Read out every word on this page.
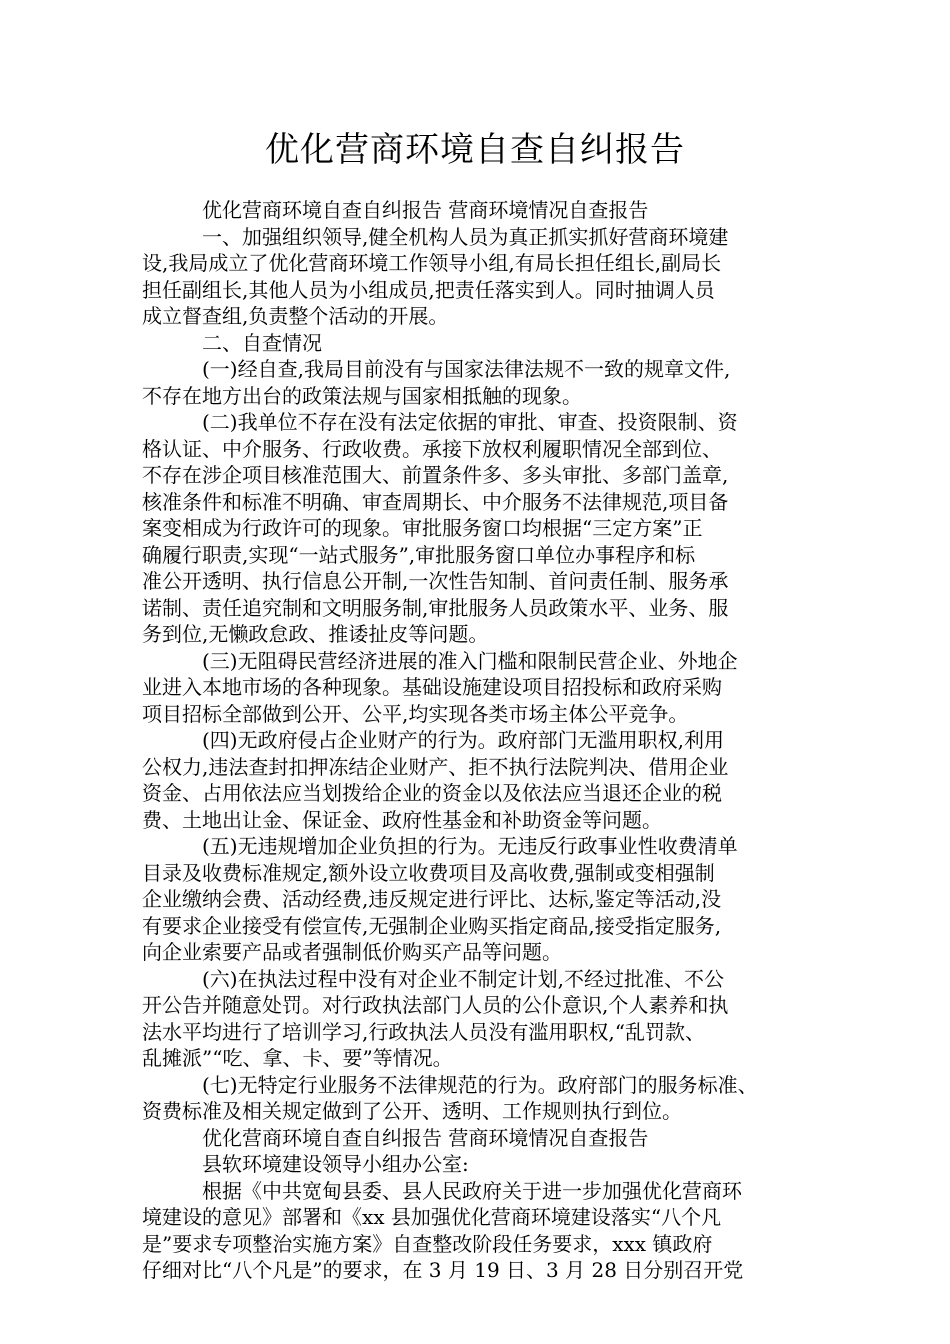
优化营商环境自查自纠报告
优化营商环境自查自纠报告 营商环境情况自查报告
一、加强组织领导,健全机构人员为真正抓实抓好营商环境建
设,我局成立了优化营商环境工作领导小组,有局长担任组长,副局长
担任副组长,其他人员为小组成员,把责任落实到人。同时抽调人员
成立督查组,负责整个活动的开展。
二、自查情况
(一)经自查,我局目前没有与国家法律法规不一致的规章文件,
不存在地方出台的政策法规与国家相抵触的现象。
(二)我单位不存在没有法定依据的审批、审查、投资限制、资
格认证、中介服务、行政收费。承接下放权利履职情况全部到位、
不存在涉企项目核准范围大、前置条件多、多头审批、多部门盖章,
核准条件和标准不明确、审查周期长、中介服务不法律规范,项目备
案变相成为行政许可的现象。审批服务窗口均根据“三定方案”正
确履行职责,实现“一站式服务”,审批服务窗口单位办事程序和标
准公开透明、执行信息公开制,一次性告知制、首问责任制、服务承
诺制、责任追究制和文明服务制,审批服务人员政策水平、业务、服
务到位,无懒政怠政、推诿扯皮等问题。
(三)无阻碍民营经济进展的准入门槛和限制民营企业、外地企
业进入本地市场的各种现象。基础设施建设项目招投标和政府采购
项目招标全部做到公开、公平,均实现各类市场主体公平竞争。
(四)无政府侵占企业财产的行为。政府部门无滥用职权,利用
公权力,违法查封扣押冻结企业财产、拒不执行法院判决、借用企业
资金、占用依法应当划拨给企业的资金以及依法应当退还企业的税
费、土地出让金、保证金、政府性基金和补助资金等问题。
(五)无违规增加企业负担的行为。无违反行政事业性收费清单
目录及收费标准规定,额外设立收费项目及高收费,强制或变相强制
企业缴纳会费、活动经费,违反规定进行评比、达标,鉴定等活动,没
有要求企业接受有偿宣传,无强制企业购买指定商品,接受指定服务,
向企业索要产品或者强制低价购买产品等问题。
(六)在执法过程中没有对企业不制定计划,不经过批准、不公
开公告并随意处罚。对行政执法部门人员的公仆意识,个人素养和执
法水平均进行了培训学习,行政执法人员没有滥用职权,“乱罚款、
乱摊派”“吃、拿、卡、要”等情况。
(七)无特定行业服务不法律规范的行为。政府部门的服务标准、
资费标准及相关规定做到了公开、透明、工作规则执行到位。
优化营商环境自查自纠报告 营商环境情况自查报告
县软环境建设领导小组办公室:
根据《中共宽甸县委、县人民政府关于进一步加强优化营商环
境建设的意见》部署和《xx 县加强优化营商环境建设落实“八个凡
是”要求专项整治实施方案》自查整改阶段任务要求，xxx 镇政府
仔细对比“八个凡是”的要求，在 3 月 19 日、3 月 28 日分别召开党
